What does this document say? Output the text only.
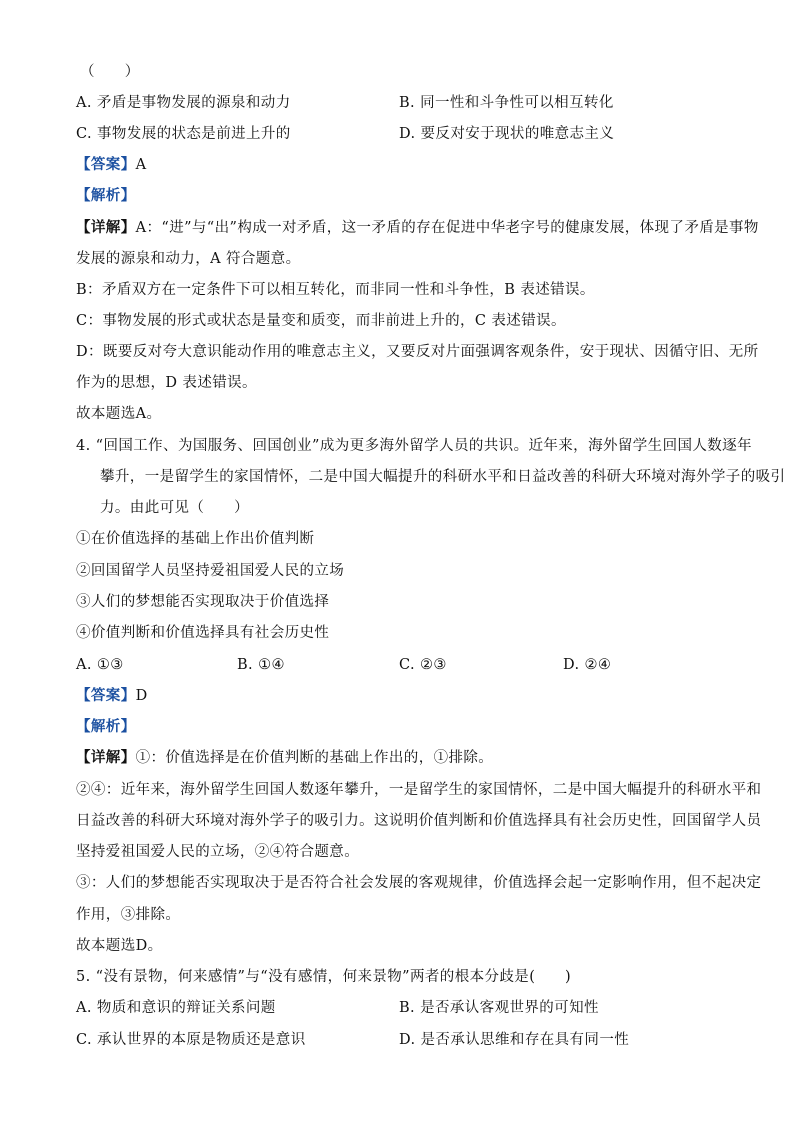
（　　）
A. 矛盾是事物发展的源泉和动力	B. 同一性和斗争性可以相互转化
C. 事物发展的状态是前进上升的	D. 要反对安于现状的唯意志主义
【答案】A
【解析】
【详解】A：“进”与“出”构成一对矛盾，这一矛盾的存在促进中华老字号的健康发展，体现了矛盾是事物
发展的源泉和动力，A 符合题意。
B：矛盾双方在一定条件下可以相互转化，而非同一性和斗争性，B 表述错误。
C：事物发展的形式或状态是量变和质变，而非前进上升的，C 表述错误。
D：既要反对夸大意识能动作用的唯意志主义，又要反对片面强调客观条件，安于现状、因循守旧、无所
作为的思想，D 表述错误。
故本题选A。
4. “回国工作、为国服务、回国创业”成为更多海外留学人员的共识。近年来，海外留学生回国人数逐年
攀升，一是留学生的家国情怀，二是中国大幅提升的科研水平和日益改善的科研大环境对海外学子的吸引
力。由此可见（　　）
①在价值选择的基础上作出价值判断
②回国留学人员坚持爱祖国爱人民的立场
③人们的梦想能否实现取决于价值选择
④价值判断和价值选择具有社会历史性
A. ①③	B. ①④	C. ②③	D. ②④
【答案】D
【解析】
【详解】①：价值选择是在价值判断的基础上作出的，①排除。
②④：近年来，海外留学生回国人数逐年攀升，一是留学生的家国情怀，二是中国大幅提升的科研水平和
日益改善的科研大环境对海外学子的吸引力。这说明价值判断和价值选择具有社会历史性，回国留学人员
坚持爱祖国爱人民的立场，②④符合题意。
③：人们的梦想能否实现取决于是否符合社会发展的客观规律，价值选择会起一定影响作用，但不起决定
作用，③排除。
故本题选D。
5. “没有景物，何来感情”与“没有感情，何来景物”两者的根本分歧是(　　)
A. 物质和意识的辩证关系问题	B. 是否承认客观世界的可知性
C. 承认世界的本原是物质还是意识	D. 是否承认思维和存在具有同一性
